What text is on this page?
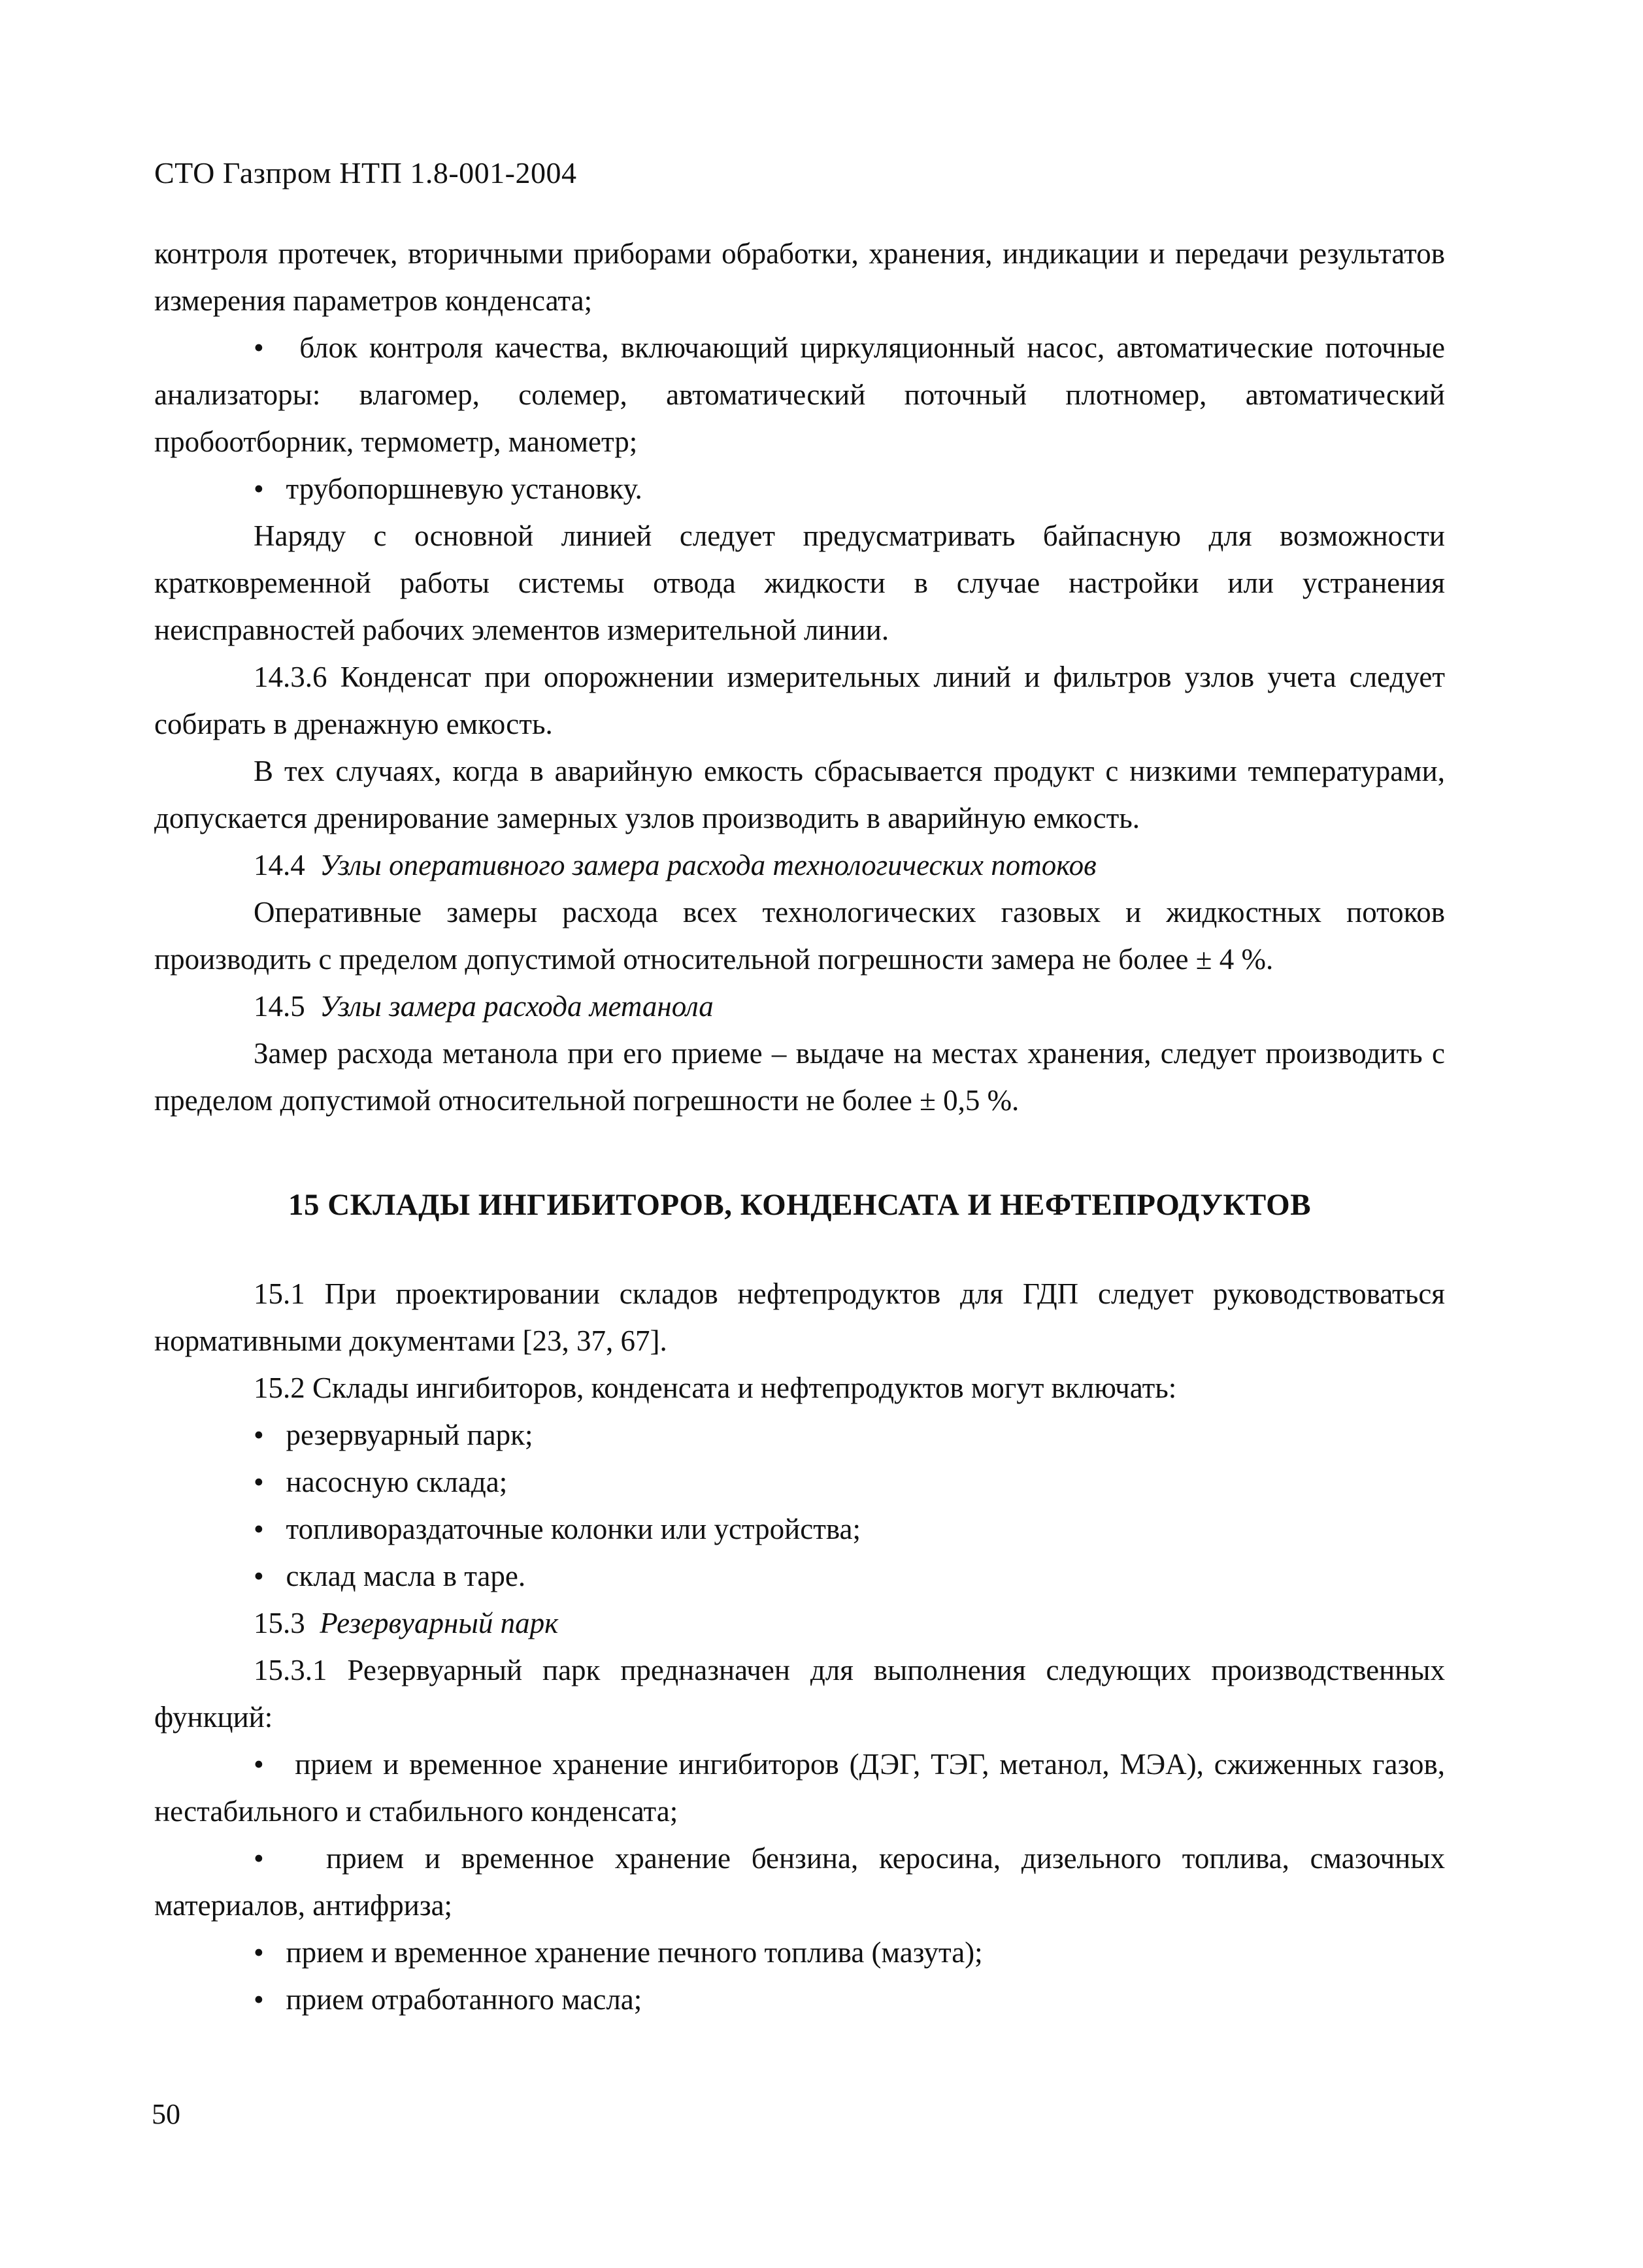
СТО Газпром НТП 1.8-001-2004

контроля протечек, вторичными приборами обработки, хранения, индикации и передачи результатов измерения параметров конденсата;

• блок контроля качества, включающий циркуляционный насос, автоматические поточные анализаторы: влагомер, солемер, автоматический поточный плотномер, автоматический пробоотборник, термометр, манометр;

• трубопоршневую установку.

Наряду с основной линией следует предусматривать байпасную для возможности кратковременной работы системы отвода жидкости в случае настройки или устранения неисправностей рабочих элементов измерительной линии.

14.3.6 Конденсат при опорожнении измерительных линий и фильтров узлов учета следует собирать в дренажную емкость.

В тех случаях, когда в аварийную емкость сбрасывается продукт с низкими температурами, допускается дренирование замерных узлов производить в аварийную емкость.

14.4 Узлы оперативного замера расхода технологических потоков

Оперативные замеры расхода всех технологических газовых и жидкостных потоков производить с пределом допустимой относительной погрешности замера не более ± 4 %.

14.5 Узлы замера расхода метанола

Замер расхода метанола при его приеме – выдаче на местах хранения, следует производить с пределом допустимой относительной погрешности не более ± 0,5 %.

15 СКЛАДЫ ИНГИБИТОРОВ, КОНДЕНСАТА И НЕФТЕПРОДУКТОВ

15.1 При проектировании складов нефтепродуктов для ГДП следует руководствоваться нормативными документами [23, 37, 67].

15.2 Склады ингибиторов, конденсата и нефтепродуктов могут включать:

• резервуарный парк;

• насосную склада;

• топливораздаточные колонки или устройства;

• склад масла в таре.

15.3 Резервуарный парк

15.3.1 Резервуарный парк предназначен для выполнения следующих производственных функций:

• прием и временное хранение ингибиторов (ДЭГ, ТЭГ, метанол, МЭА), сжиженных газов, нестабильного и стабильного конденсата;

• прием и временное хранение бензина, керосина, дизельного топлива, смазочных материалов, антифриза;

• прием и временное хранение печного топлива (мазута);

• прием отработанного масла;

50
